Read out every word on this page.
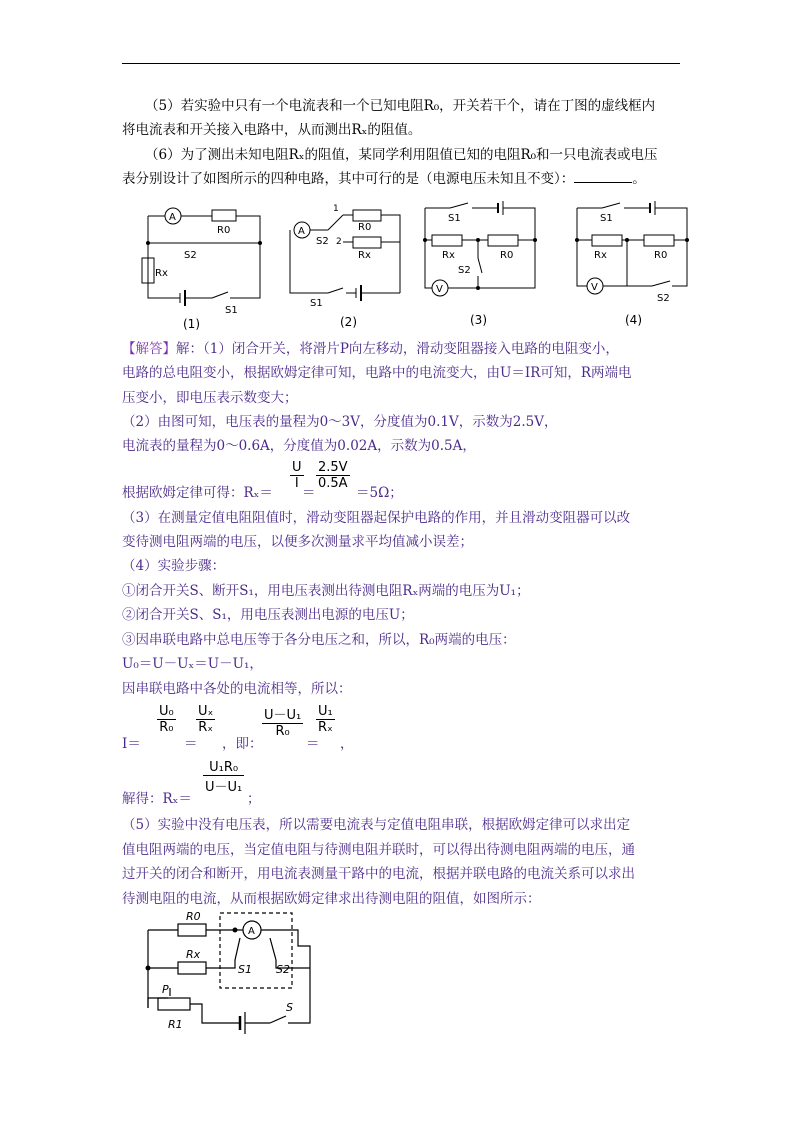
（5）若实验中只有一个电流表和一个已知电阻R₀，开关若干个，请在丁图的虚线框内
将电流表和开关接入电路中，从而测出Rₓ的阻值。
（6）为了测出未知电阻Rₓ的阻值，某同学利用阻值已知的电阻R₀和一只电流表或电压
表分别设计了如图所示的四种电路，其中可行的是（电源电压未知且不变）：	。
A
R0
Rx
S2
S1
(1)
A
1
R0
S2 2
Rx
S1
(2)
V
S1
Rx	R0
S2
(3)
V
S1
Rx	R0
S2
(4)
【解答】解：（1）闭合开关，将滑片P向左移动，滑动变阻器接入电路的电阻变小，
电路的总电阻变小，根据欧姆定律可知，电路中的电流变大，由U＝IR可知，R两端电
压变小，即电压表示数变大；
（2）由图可知，电压表的量程为0～3V，分度值为0.1V，示数为2.5V，
电流表的量程为0～0.6A，分度值为0.02A，示数为0.5A，
根据欧姆定律可得：Rₓ＝
$\frac{U}{I}$
＝
$\frac{2.5V}{0.5A}$
＝5Ω；
（3）在测量定值电阻阻值时，滑动变阻器起保护电路的作用，并且滑动变阻器可以改
变待测电阻两端的电压，以便多次测量求平均值减小误差；
（4）实验步骤：
①闭合开关S、断开S₁，用电压表测出待测电阻Rₓ两端的电压为U₁；
②闭合开关S、S₁，用电压表测出电源的电压U；
③因串联电路中总电压等于各分电压之和，所以，R₀两端的电压：
U₀＝U－Uₓ＝U－U₁，
因串联电路中各处的电流相等，所以：
I＝
$\frac{\text{U₀}}{\text{R₀}}$
＝
$\frac{\text{Uₓ}}{\text{Rₓ}}$
，即：
$\frac{\text{U－U₁}}{\text{R₀}}$
＝
$\frac{\text{U₁}}{\text{Rₓ}}$
，
解得：Rₓ＝
$\frac{\text{U₁R₀}}{\text{U－U₁}}$
；
（5）实验中没有电压表，所以需要电流表与定值电阻串联，根据欧姆定律可以求出定
值电阻两端的电压，当定值电阻与待测电阻并联时，可以得出待测电阻两端的电压，通
过开关的闭合和断开，用电流表测量干路中的电流，根据并联电路的电流关系可以求出
待测电阻的电流，从而根据欧姆定律求出待测电阻的阻值，如图所示：
R0
Rx
A
S1 S2
P
R1
S
